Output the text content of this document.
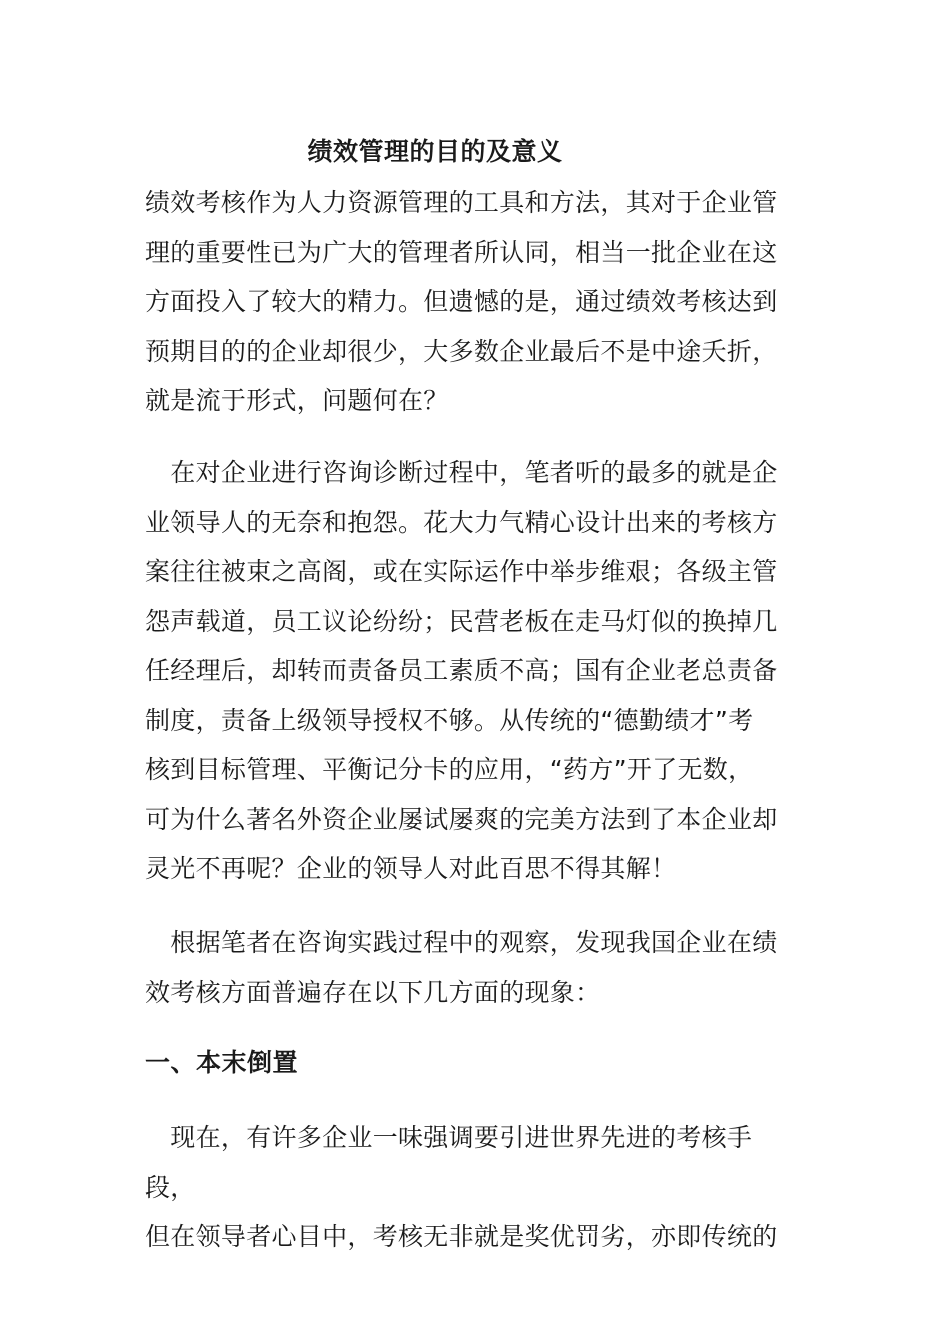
绩效管理的目的及意义

绩效考核作为人力资源管理的工具和方法，其对于企业管
理的重要性已为广大的管理者所认同，相当一批企业在这
方面投入了较大的精力。但遗憾的是，通过绩效考核达到
预期目的的企业却很少，大多数企业最后不是中途夭折，
就是流于形式，问题何在？

　在对企业进行咨询诊断过程中，笔者听的最多的就是企
业领导人的无奈和抱怨。花大力气精心设计出来的考核方
案往往被束之高阁，或在实际运作中举步维艰；各级主管
怨声载道，员工议论纷纷；民营老板在走马灯似的换掉几
任经理后，却转而责备员工素质不高；国有企业老总责备
制度，责备上级领导授权不够。从传统的“德勤绩才”考
核到目标管理、平衡记分卡的应用，“药方”开了无数，
可为什么著名外资企业屡试屡爽的完美方法到了本企业却
灵光不再呢？企业的领导人对此百思不得其解！

　根据笔者在咨询实践过程中的观察，发现我国企业在绩
效考核方面普遍存在以下几方面的现象：

一、本末倒置

　现在，有许多企业一味强调要引进世界先进的考核手段，
但在领导者心目中，考核无非就是奖优罚劣，亦即传统的
